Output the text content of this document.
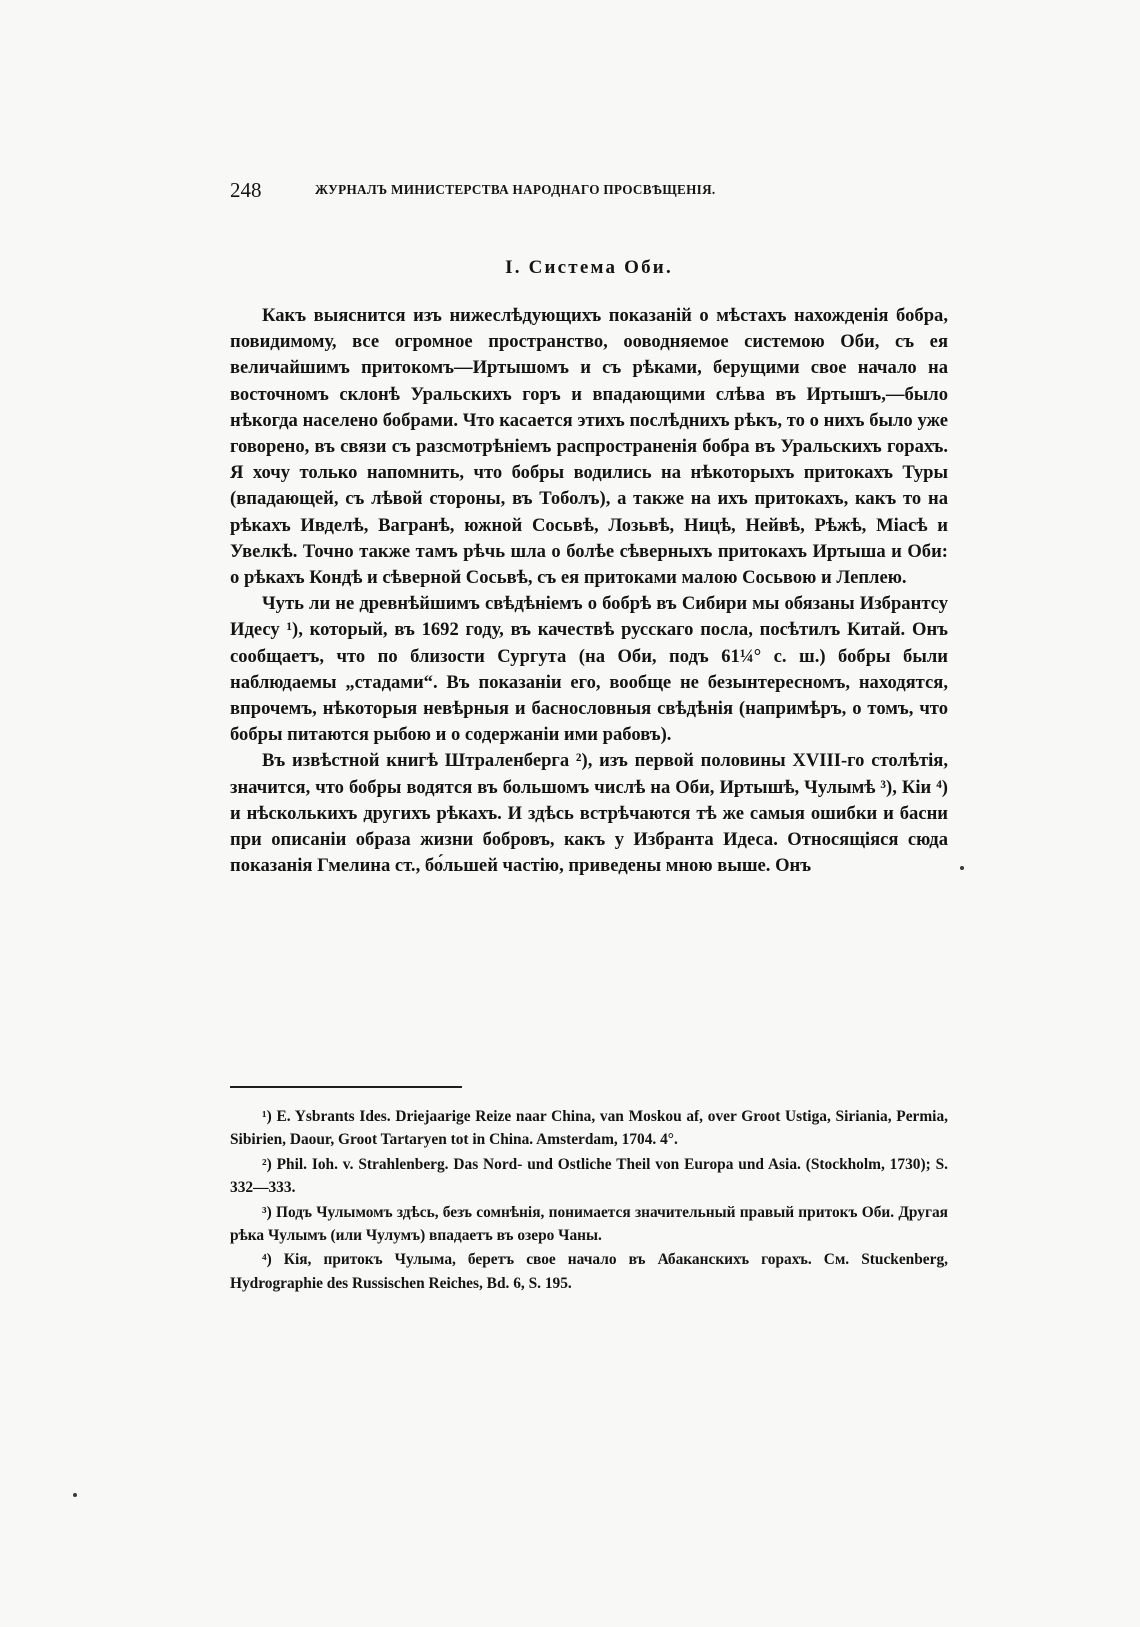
248	ЖУРНАЛЪ МИНИСТЕРСТВА НАРОДНАГО ПРОСВѢЩЕНІЯ.
I. Система Оби.

Какъ выяснится изъ нижеслѣдующихъ показаній о мѣстахъ нахожденія бобра, повидимому, все огромное пространство, ооводняемое системою Оби, съ ея величайшимъ притокомъ—Иртышомъ и съ рѣками, берущими свое начало на восточномъ склонѣ Уральскихъ горъ и впадающими слѣва въ Иртышъ,—было нѣкогда населено бобрами. Что касается этихъ послѣднихъ рѣкъ, то о нихъ было уже говорено, въ связи съ разсмотрѣніемъ распространенія бобра въ Уральскихъ горахъ. Я хочу только напомнить, что бобры водились на нѣкоторыхъ притокахъ Туры (впадающей, съ лѣвой стороны, въ Тоболъ), а также на ихъ притокахъ, какъ то на рѣкахъ Ивделѣ, Вагранѣ, южной Сосьвѣ, Лозьвѣ, Ницѣ, Нейвѣ, Рѣжѣ, Міасѣ и Увелкѣ. Точно также тамъ рѣчь шла о болѣе сѣверныхъ притокахъ Иртыша и Оби: о рѣкахъ Кондѣ и сѣверной Сосьвѣ, съ ея притоками малою Сосьвою и Леплею.

Чуть ли не древнѣйшимъ свѣдѣніемъ о бобрѣ въ Сибири мы обязаны Избрантсу Идесу ¹), который, въ 1692 году, въ качествѣ русскаго посла, посѣтилъ Китай. Онъ сообщаетъ, что по близости Сургута (на Оби, подъ 61¼° с. ш.) бобры были наблюдаемы „стадами“. Въ показаніи его, вообще не безынтересномъ, находятся, впрочемъ, нѣкоторыя невѣрныя и баснословныя свѣдѣнія (напримѣръ, о томъ, что бобры питаются рыбою и о содержаніи ими рабовъ).

Въ извѣстной книгѣ Штраленберга ²), изъ первой половины XVIII-го столѣтія, значится, что бобры водятся въ большомъ числѣ на Оби, Иртышѣ, Чулымѣ ³), Кіи ⁴) и нѣсколькихъ другихъ рѣкахъ. И здѣсь встрѣчаются тѣ же самыя ошибки и басни при описаніи образа жизни бобровъ, какъ у Избранта Идеса. Относящіяся сюда показанія Гмелина ст., бо́льшей частію, приведены мною выше. Онъ

¹) E. Ysbrants Ides. Driejaarige Reize naar China, van Moskou af, over Groot Ustiga, Siriania, Permia, Sibirien, Daour, Groot Tartaryen tot in China. Amsterdam, 1704. 4°.

²) Phil. Ioh. v. Strahlenberg. Das Nord- und Ostliche Theil von Europa und Asia. (Stockholm, 1730); S. 332—333.

³) Подъ Чулымомъ здѣсь, безъ сомнѣнія, понимается значительный правый притокъ Оби. Другая рѣка Чулымъ (или Чулумъ) впадаетъ въ озеро Чаны.

⁴) Кія, притокъ Чулыма, беретъ свое начало въ Абаканскихъ горахъ. См. Stuckenberg, Hydrographie des Russischen Reiches, Bd. 6, S. 195.
